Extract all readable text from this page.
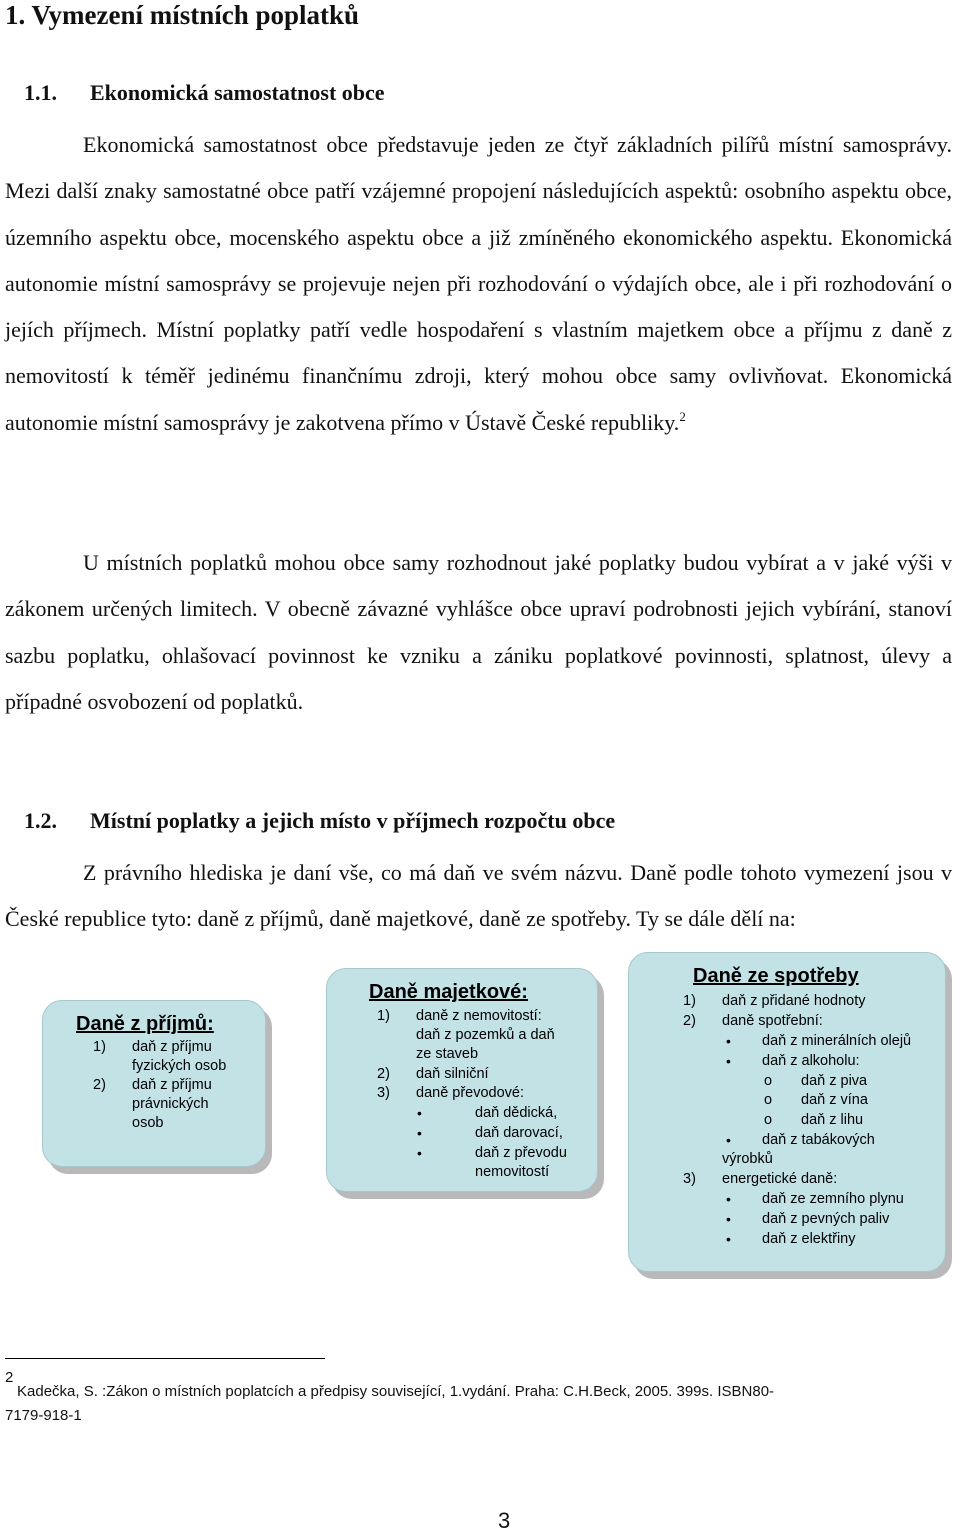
1. Vymezení místních poplatků
1.1. Ekonomická samostatnost obce

Ekonomická samostatnost obce představuje jeden ze čtyř základních pilířů místní samosprávy. Mezi další znaky samostatné obce patří vzájemné propojení následujících aspektů: osobního aspektu obce, územního aspektu obce, mocenského aspektu obce a již zmíněného ekonomického aspektu. Ekonomická autonomie místní samosprávy se projevuje nejen při rozhodování o výdajích obce, ale i při rozhodování o jejích příjmech. Místní poplatky patří vedle hospodaření s vlastním majetkem obce a příjmu z daně z nemovitostí k téměř jedinému finančnímu zdroji, který mohou obce samy ovlivňovat. Ekonomická autonomie místní samosprávy je zakotvena přímo v Ústavě České republiky.$^2$

U místních poplatků mohou obce samy rozhodnout jaké poplatky budou vybírat a v jaké výši v zákonem určených limitech. V obecně závazné vyhlášce obce upraví podrobnosti jejich vybírání, stanoví sazbu poplatku, ohlašovací povinnost ke vzniku a zániku poplatkové povinnosti, splatnost, úlevy a případné osvobození od poplatků.

1.2. Místní poplatky a jejich místo v příjmech rozpočtu obce

Z právního hlediska je daní vše, co má daň ve svém názvu. Daně podle tohoto vymezení jsou v České republice tyto: daně z příjmů, daně majetkové, daně ze spotřeby. Ty se dále dělí na:

Daně z příjmů:
1) daň z příjmu
fyzických osob
2) daň z příjmu
právnických
osob
Daně majetkové:
1) daně z nemovitostí:
daň z pozemků a daň
ze staveb
2) daň silniční
3) daně převodové:
•	daň dědická,
•	daň darovací,
•	daň z převodu
nemovitostí
Daně ze spotřeby
1) daň z přidané hodnoty
2) daně spotřební:
• daň z minerálních olejů
• daň z alkoholu:
o daň z piva
o daň z vína
o daň z lihu
• daň z tabákových
výrobků
3) energetické daně:
• daň ze zemního plynu
• daň z pevných paliv
• daň z elektřiny
2
Kadečka, S. :Zákon o místních poplatcích a předpisy související, 1.vydání. Praha: C.H.Beck, 2005. 399s. ISBN80-
7179-918-1
3
